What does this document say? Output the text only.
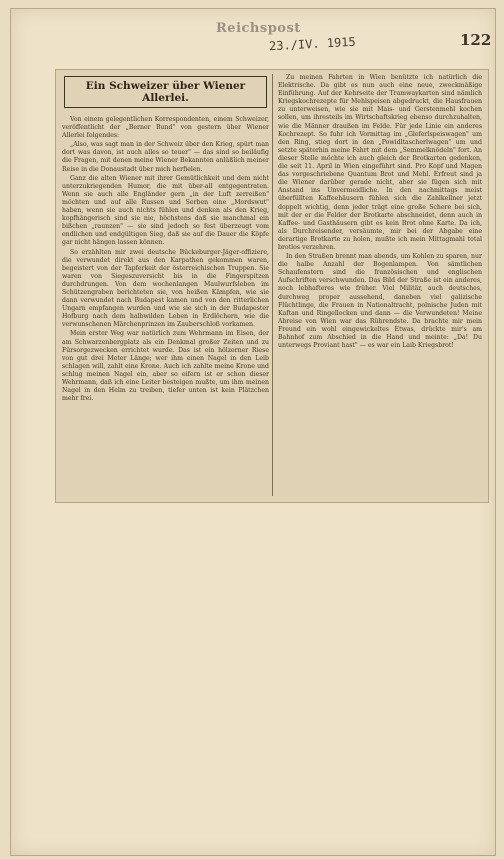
Reichspost
23./IV. 1915	122
Ein Schweizer über Wiener
Allerlei.

Von einem gelegentlichen Korrespondenten, einem Schweizer, veröffentlicht der „Berner Bund" von gestern über Wiener Allerlei folgendes:

„Also, was sagt man in der Schweiz über den Krieg, spürt man dort was davon, ist auch alles so teuer" — das sind so beiläufig die Fragen, mit denen meine Wiener Bekannten anläßlich meiner Reise in die Donaustadt über mich herfielen.

Ganz die alten Wiener mit ihrer Gemütlichkeit und dem nicht unterzukriegenden Humor, die mit über-all entgegentraten. Wenn sie auch alle Engländer gern „in der Luft zerreißen" möchten und auf alle Russen und Serben eine „Mordswut" haben, wenn sie auch nichts fühlen und denken als den Krieg, kopfhängerisch sind sie nie, höchstens daß sie manchmal ein bißchen „raunzen" — sie sind jedoch so fest überzeugt vom endlichen und endgültigen Sieg, daß sie auf die Dauer die Köpfe gar nicht hängen lassen können.

So erzählten mir zwei deutsche Bückeburger-Jäger-offiziere, die verwundet direkt aus den Karpathen gekommen waren, begeistert von der Tapferkeit der österreichischen Truppen. Sie waren von Siegeszuversicht bis in die Fingerspitzen durchdrungen. Von dem wochenlangen Maulwurfsleben im Schützengraben berichteten sie, von heißen Kämpfen, wie sie dann verwundet nach Budapest kamen und von den ritterlichen Ungarn empfangen wurden und wie sie sich in der Budapester Hofburg nach dem halbwilden Leben in Erdlöchern, wie die verwunschenen Märchenprinzen im Zauberschloß vorkamen.

Mein erster Weg war natürlich zum Wehrmann im Eisen, der am Schwarzenbergplatz als ein Denkmal großer Zeiten und zu Fürsorgezwecken errichtet wurde. Das ist ein hölzerner Riese von gut drei Meter Länge; wer ihm einen Nagel in den Leib schlagen will, zahlt eine Krone. Auch ich zahlte meine Krone und schlug meinen Nagel ein, aber so eifern ist er schon dieser Wehrmann, daß ich eine Leiter besteigen mußte, um ihm meinen Nagel in den Helm zu treiben, tiefer unten ist kein Plätzchen mehr frei.

Zu meinen Fahrten in Wien benützte ich natürlich die Elektrische. Da gibt es nun auch eine neue, zweckmäßige Einführung. Auf der Kehrseite der Tramwaykarten sind nämlich Kriegskochrezepte für Mehlspeisen abgedruckt, die Hausfrauen zu unterweisen, wie sie mit Mais- und Gerstenmehl kochen sollen, um ihresteils im Wirtschaftskrieg ebenso durchzuhalten, wie die Männer draußen im Felde. Für jede Linie ein anderes Kochrezept. So fuhr ich Vormittag im „Gleferlspeiswagen" um den Ring, stieg dort in den „Powidltascherlwagen" um und setzte späterhin meine Fahrt mit dem „Semmelknödeln" fort. An dieser Stelle möchte ich auch gleich der Brotkarten gedenken, die seit 11. April in Wien eingeführt sind. Pro Kopf und Magen das vorgeschriebene Quantum Brot und Mehl. Erfreut sind ja die Wiener darüber gerade nicht, aber sie fügen sich mit Anstand ins Unvermeidliche. In den nachmittags meist überfüllten Kaffeehäusern fühlen sich die Zahlkellner jetzt doppelt wichtig, denn jeder trägt eine große Schere bei sich, mit der er die Felder der Brotkarte abschneidet, denn auch in Kaffee- und Gasthäusern gibt es kein Brot ohne Karte. Da ich, als Durchreisender, versäumte, mir bei der Abgabe eine derartige Brotkarte zu holen, mußte ich mein Mittagmahl total brotlos verzehren.

In den Straßen brennt man abends, um Kohlen zu sparen, nur die halbe Anzahl der Bogenlampen. Von sämtlichen Schaufenstern sind die französischen und englischen Aufschriften verschwunden. Das Bild der Straße ist ein anderes, noch lebhafteres wie früher. Viel Militär, auch deutsches, durchweg proper aussehend, daneben viel galizische Flüchtlinge, die Frauen in Nationaltracht, polnische Juden mit Kaftan und Ringellocken und dann — die Verwundeten! Meine Abreise von Wien war das Rührendste. Da brachte mir mein Freund ein wohl eingewickeltes Etwas, drückte mir's am Bahnhof zum Abschied in die Hand und meinte: „Da! Du unterwegs Proviant hast" — es war ein Laib Kriegsbrot!
